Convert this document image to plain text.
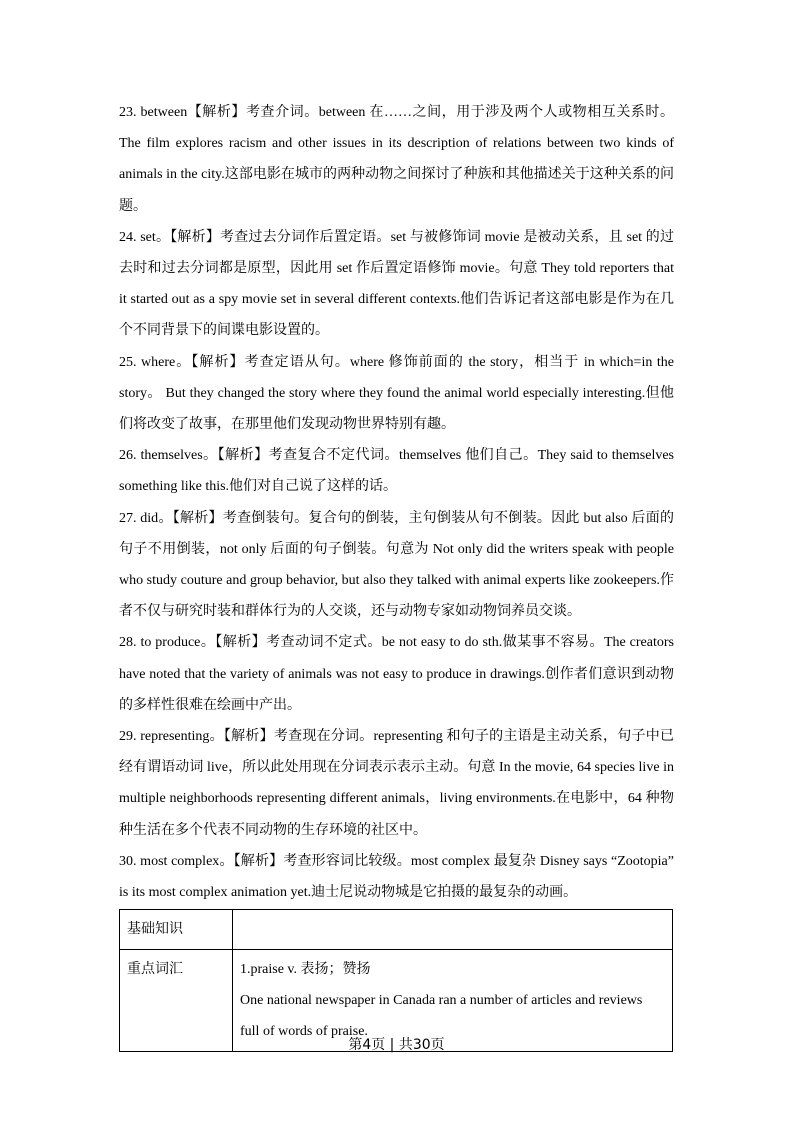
23. between【解析】考查介词。between 在……之间，用于涉及两个人或物相互关系时。The film explores racism and other issues in its description of relations between two kinds of animals in the city.这部电影在城市的两种动物之间探讨了种族和其他描述关于这种关系的问题。

24. set。【解析】考查过去分词作后置定语。set 与被修饰词 movie 是被动关系，且 set 的过去时和过去分词都是原型，因此用 set 作后置定语修饰 movie。句意 They told reporters that it started out as a spy movie set in several different contexts.他们告诉记者这部电影是作为在几个不同背景下的间谍电影设置的。

25. where。【解析】考查定语从句。where 修饰前面的 the story，相当于 in which=in the story。 But they changed the story where they found the animal world especially interesting.但他们将改变了故事，在那里他们发现动物世界特别有趣。

26. themselves。【解析】考查复合不定代词。themselves 他们自己。They said to themselves something like this.他们对自己说了这样的话。

27. did。【解析】考查倒装句。复合句的倒装，主句倒装从句不倒装。因此 but also 后面的句子不用倒装，not only 后面的句子倒装。句意为 Not only did the writers speak with people who study couture and group behavior, but also they talked with animal experts like zookeepers.作者不仅与研究时装和群体行为的人交谈，还与动物专家如动物饲养员交谈。

28. to produce。【解析】考查动词不定式。be not easy to do sth.做某事不容易。The creators have noted that the variety of animals was not easy to produce in drawings.创作者们意识到动物的多样性很难在绘画中产出。

29. representing。【解析】考查现在分词。representing 和句子的主语是主动关系，句子中已经有谓语动词 live，所以此处用现在分词表示表示主动。句意 In the movie, 64 species live in multiple neighborhoods representing different animals，living environments.在电影中，64 种物种生活在多个代表不同动物的生存环境的社区中。

30. most complex。【解析】考查形容词比较级。most complex 最复杂 Disney says “Zootopia” is its most complex animation yet.迪士尼说动物城是它拍摄的最复杂的动画。

基础知识	
重点词汇	1.praise v. 表扬；赞扬
One national newspaper in Canada ran a number of articles and reviews full of words of praise.
第4页 | 共30页
